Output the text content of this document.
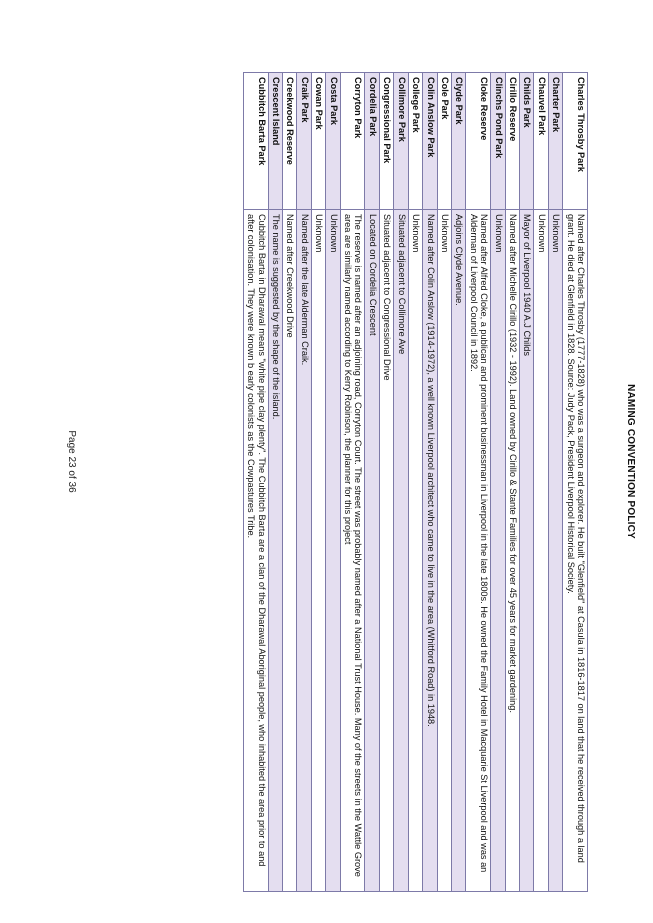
NAMING CONVENTION POLICY
Charles Throsby Park	Named after Charles Throsby (1777-1828) who was a surgeon and explorer. He built "Glenfield" at Casula in 1816-1817 on land that he received through a land grant. He died at Glenfield in 1828. Source: Judy Pack, President Liverpool Historical Society.
Charter Park	Unknown
Chauvel Park	Unknown
Childs Park	Mayor of Liverpool 1940 A.J Childs
Cirillo Reserve	Named after Michelle Cirillo (1932 - 1992). Land owned by Cirillo & Stante Families for over 45 years for market gardening.
Clinchs Pond Park	Unknown
Cloke Reserve	Named after Alfred Cloke, a publican and prominent businessman in Liverpool in the late 1800s. He owned the Family Hotel in Macquarie St Liverpool and was an Alderman of Liverpool Council in 1892.
Clyde Park	Adjoins Clyde Avenue.
Cole Park	Unknown
Colin Anslow Park	Named after Colin Anslow (1914-1972), a well known Liverpool architect who came to live in the area (Whitford Road) in 1948.
College Park	Unknown
Collimore Park	Situated adjacent to Collimore Ave
Congressional Park	Situated adjacent to Congressional Drive
Cordelia Park	Located on Cordelia Crescent
Corryton Park	The reserve is named after an adjoining road, Corryton Court. The street was probably named after a National Trust House. Many of the streets in the Wattle Grove area are similarly named according to Kerry Robinson, the planner for this project
Costa Park	Unknown
Cowan Park	Unknown
Craik Park	Named after the late Alderman Craik.
Creekwood Reserve	Named after Creekwood Drive
Crescent Island	The name is suggested by the shape of the island.
Cubbitch Barta Park	Cubbitch Barta in Dharawal means "white pipe clay plenty". The Cubbitch Barta are a clan of the Dharawal Aboriginal people, who inhabited the area prior to and after colonisation. They were known b early colonists as the Cowpastures Tribe.
Page 23 of 36
